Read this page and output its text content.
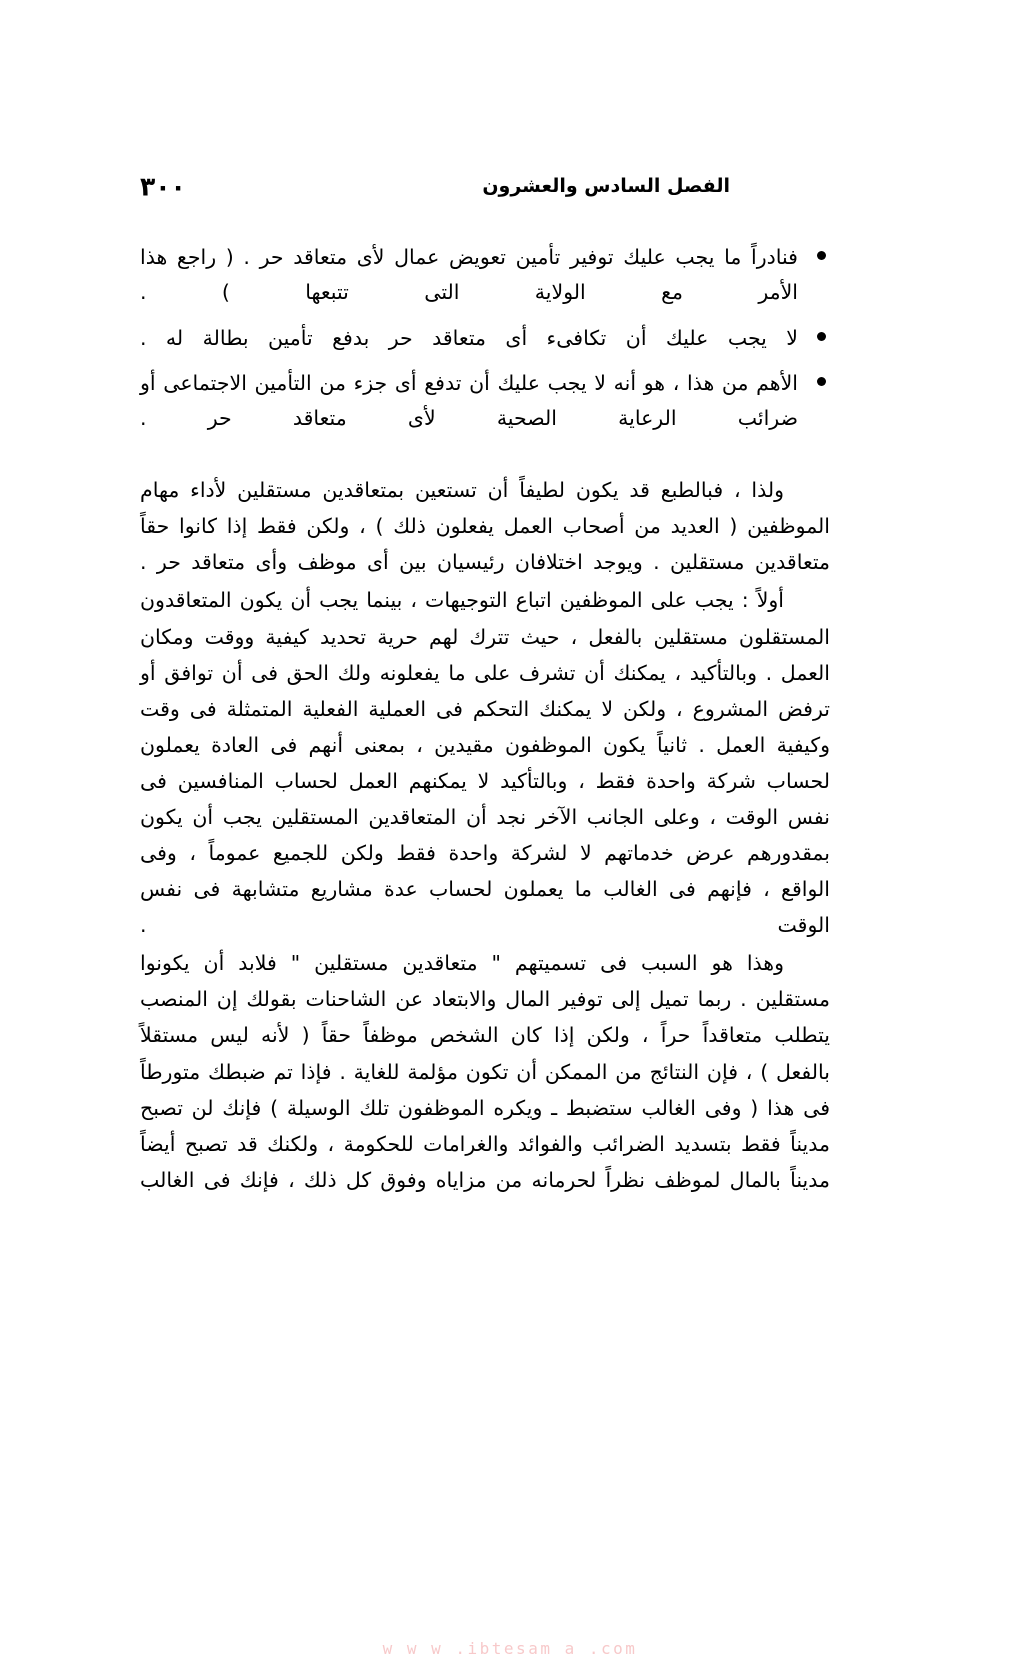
٣٠٠	الفصل السادس والعشرون
فنادراً ما يجب عليك توفير تأمين تعويض عمال لأى متعاقد حر . ( راجع هذا الأمر مع الولاية التى تتبعها ) .
لا يجب عليك أن تكافىء أى متعاقد حر بدفع تأمين بطالة له .
الأهم من هذا ، هو أنه لا يجب عليك أن تدفع أى جزء من التأمين الاجتماعى أو ضرائب الرعاية الصحية لأى متعاقد حر .

ولذا ، فبالطبع قد يكون لطيفاً أن تستعين بمتعاقدين مستقلين لأداء مهام الموظفين ( العديد من أصحاب العمل يفعلون ذلك ) ، ولكن فقط إذا كانوا حقاً متعاقدين مستقلين . ويوجد اختلافان رئيسيان بين أى موظف وأى متعاقد حر .

أولاً : يجب على الموظفين اتباع التوجيهات ، بينما يجب أن يكون المتعاقدون المستقلون مستقلين بالفعل ، حيث تترك لهم حرية تحديد كيفية ووقت ومكان العمل . وبالتأكيد ، يمكنك أن تشرف على ما يفعلونه ولك الحق فى أن توافق أو ترفض المشروع ، ولكن لا يمكنك التحكم فى العملية الفعلية المتمثلة فى وقت وكيفية العمل . ثانياً يكون الموظفون مقيدين ، بمعنى أنهم فى العادة يعملون لحساب شركة واحدة فقط ، وبالتأكيد لا يمكنهم العمل لحساب المنافسين فى نفس الوقت ، وعلى الجانب الآخر نجد أن المتعاقدين المستقلين يجب أن يكون بمقدورهم عرض خدماتهم لا لشركة واحدة فقط ولكن للجميع عموماً ، وفى الواقع ، فإنهم فى الغالب ما يعملون لحساب عدة مشاريع متشابهة فى نفس الوقت .

وهذا هو السبب فى تسميتهم " متعاقدين مستقلين " فلابد أن يكونوا مستقلين . ربما تميل إلى توفير المال والابتعاد عن الشاحنات بقولك إن المنصب يتطلب متعاقداً حراً ، ولكن إذا كان الشخص موظفاً حقاً ( لأنه ليس مستقلاً بالفعل ) ، فإن النتائج من الممكن أن تكون مؤلمة للغاية . فإذا تم ضبطك متورطاً فى هذا ( وفى الغالب ستضبط ـ ويكره الموظفون تلك الوسيلة ) فإنك لن تصبح مديناً فقط بتسديد الضرائب والفوائد والغرامات للحكومة ، ولكنك قد تصبح أيضاً مديناً بالمال لموظف نظراً لحرمانه من مزاياه وفوق كل ذلك ، فإنك فى الغالب

w w w .ibtesam a .com
